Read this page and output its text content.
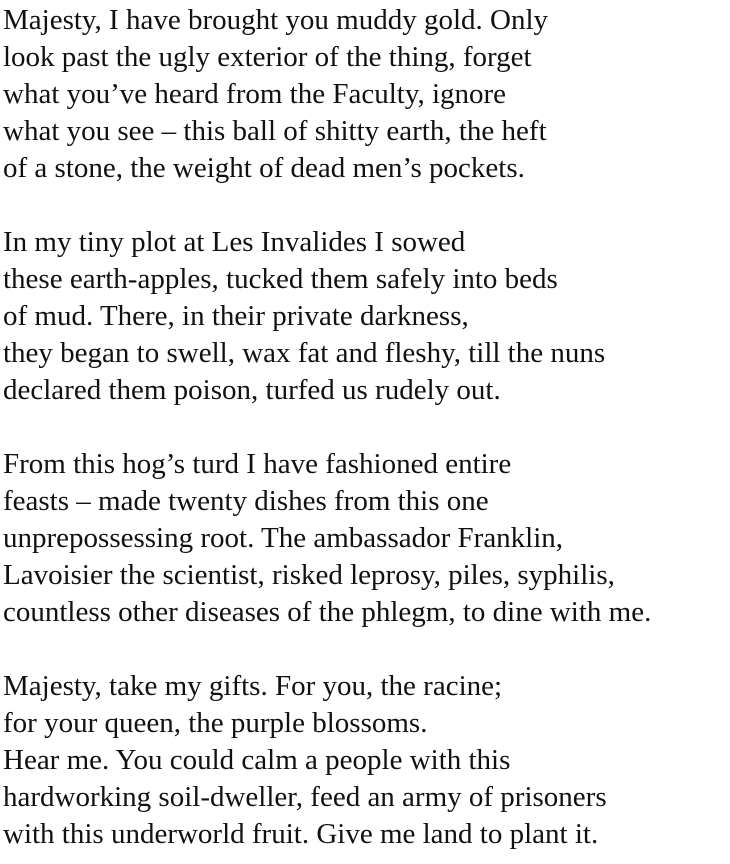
Majesty, I have brought you muddy gold. Only
look past the ugly exterior of the thing, forget
what you’ve heard from the Faculty, ignore
what you see – this ball of shitty earth, the heft
of a stone, the weight of dead men’s pockets.
In my tiny plot at Les Invalides I sowed
these earth-apples, tucked them safely into beds
of mud. There, in their private darkness,
they began to swell, wax fat and fleshy, till the nuns
declared them poison, turfed us rudely out.
From this hog’s turd I have fashioned entire
feasts – made twenty dishes from this one
unprepossessing root. The ambassador Franklin,
Lavoisier the scientist, risked leprosy, piles, syphilis,
countless other diseases of the phlegm, to dine with me.
Majesty, take my gifts. For you, the racine;
for your queen, the purple blossoms.
Hear me. You could calm a people with this
hardworking soil-dweller, feed an army of prisoners
with this underworld fruit. Give me land to plant it.
